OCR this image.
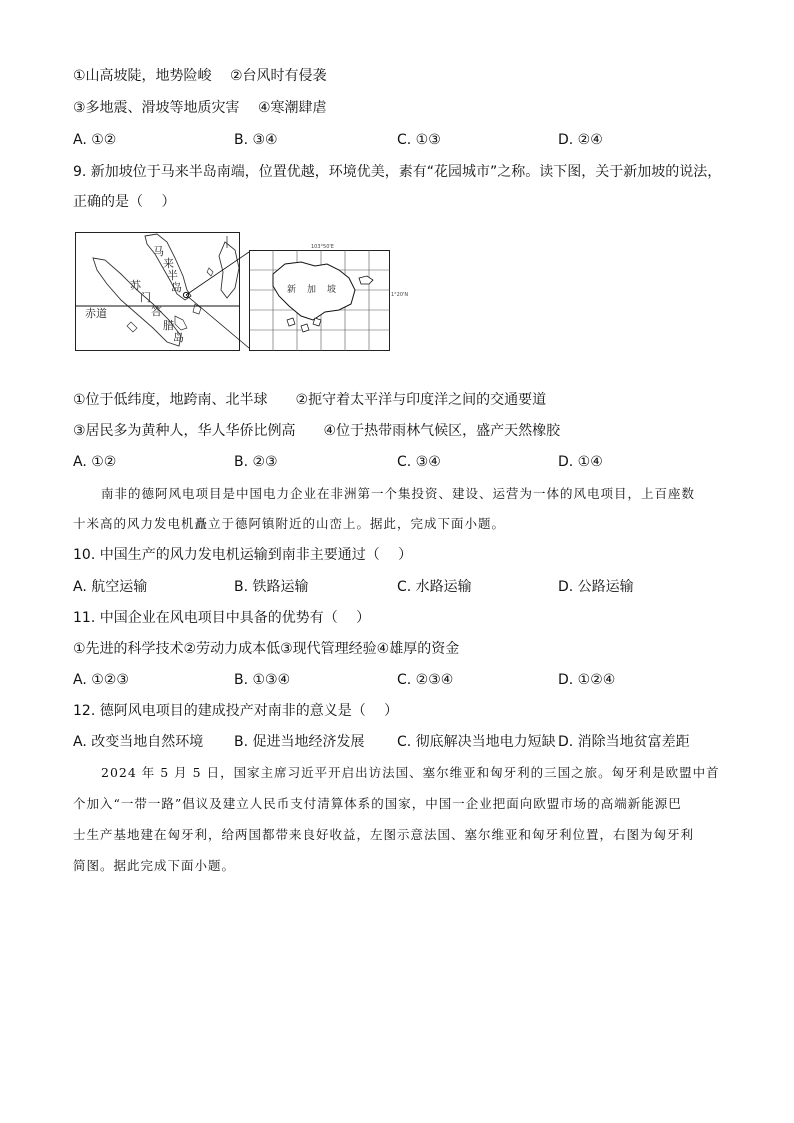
①山高坡陡，地势险峻　 ②台风时有侵袭
③多地震、滑坡等地质灾害　 ④寒潮肆虐
A. ①②	B. ③④	C. ①③	D. ②④
9. 新加坡位于马来半岛南端，位置优越，环境优美，素有“花园城市”之称。读下图，关于新加坡的说法，
正确的是（　 ）
马
来
半
岛
苏
门
答
腊
岛
赤道
新 加 坡
103°50'E
1°20'N
①位于低纬度，地跨南、北半球　　②扼守着太平洋与印度洋之间的交通要道
③居民多为黄种人，华人华侨比例高　　④位于热带雨林气候区，盛产天然橡胶
A. ①②	B. ②③	C. ③④	D. ①④
南非的德阿风电项目是中国电力企业在非洲第一个集投资、建设、运营为一体的风电项目，上百座数
十米高的风力发电机矗立于德阿镇附近的山峦上。据此，完成下面小题。
10. 中国生产的风力发电机运输到南非主要通过（　 ）
A. 航空运输	B. 铁路运输	C. 水路运输	D. 公路运输
11. 中国企业在风电项目中具备的优势有（　 ）
①先进的科学技术②劳动力成本低③现代管理经验④雄厚的资金
A. ①②③	B. ①③④	C. ②③④	D. ①②④
12. 德阿风电项目的建成投产对南非的意义是（　 ）
A. 改变当地自然环境 B. 促进当地经济发展 C. 彻底解决当地电力短缺 D. 消除当地贫富差距
2024 年 5 月 5 日，国家主席习近平开启出访法国、塞尔维亚和匈牙利的三国之旅。匈牙利是欧盟中首
个加入“一带一路”倡议及建立人民币支付清算体系的国家，中国一企业把面向欧盟市场的高端新能源巴
士生产基地建在匈牙利，给两国都带来良好收益，左图示意法国、塞尔维亚和匈牙利位置，右图为匈牙利
简图。据此完成下面小题。
